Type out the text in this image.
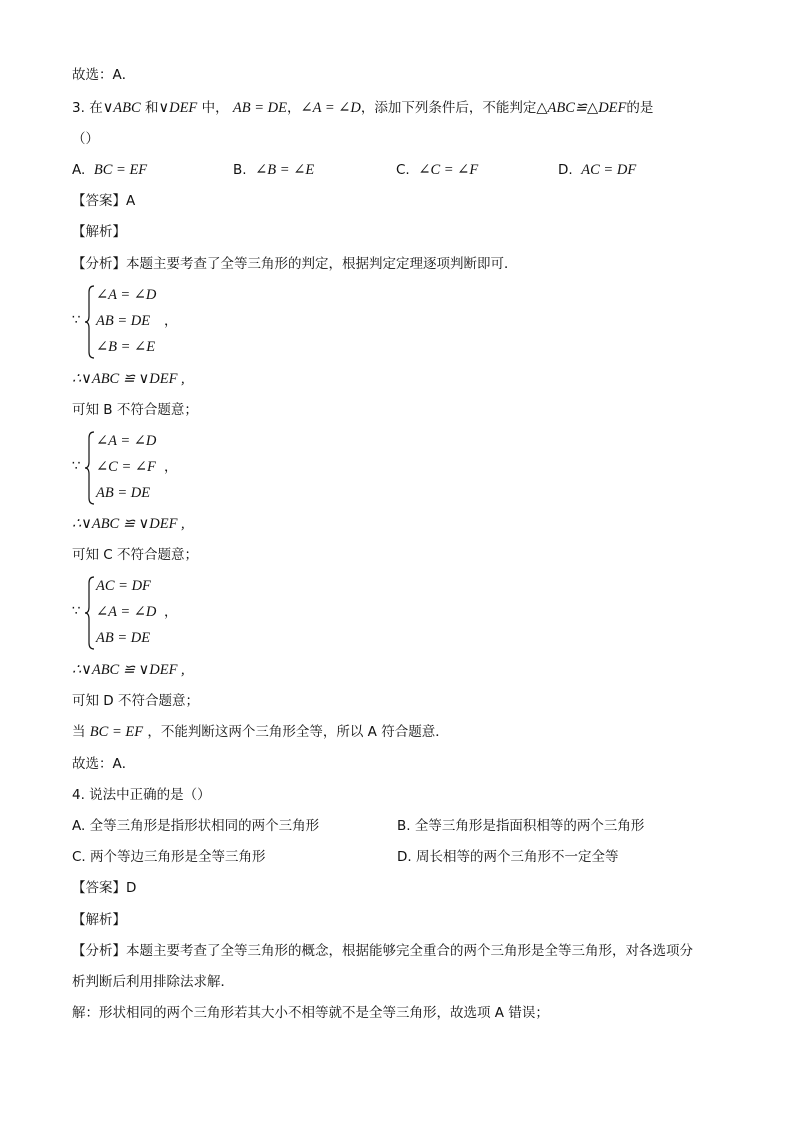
故选：A．
3. 在∨ABC 和∨DEF 中， AB = DE，∠A = ∠D，添加下列条件后，不能判定△ABC≌△DEF的是
（）
A. BC = EF	B. ∠B = ∠E	C. ∠C = ∠F	D. AC = DF
【答案】A
【解析】
【分析】本题主要考查了全等三角形的判定，根据判定定理逐项判断即可．
∵
∠A = ∠D
AB = DE ，
∠B = ∠E
∴∨ABC ≌ ∨DEF ,
可知 B 不符合题意；
∵
∠A = ∠D
∠C = ∠F ，
AB = DE
∴∨ABC ≌ ∨DEF ,
可知 C 不符合题意；
∵
AC = DF
∠A = ∠D ，
AB = DE
∴∨ABC ≌ ∨DEF ,
可知 D 不符合题意；
当 BC = EF ，不能判断这两个三角形全等，所以 A 符合题意．
故选：A．
4. 说法中正确的是（）
A. 全等三角形是指形状相同的两个三角形	B. 全等三角形是指面积相等的两个三角形
C. 两个等边三角形是全等三角形	D. 周长相等的两个三角形不一定全等
【答案】D
【解析】
【分析】本题主要考查了全等三角形的概念，根据能够完全重合的两个三角形是全等三角形，对各选项分
析判断后利用排除法求解．
解：形状相同的两个三角形若其大小不相等就不是全等三角形，故选项 A 错误；
